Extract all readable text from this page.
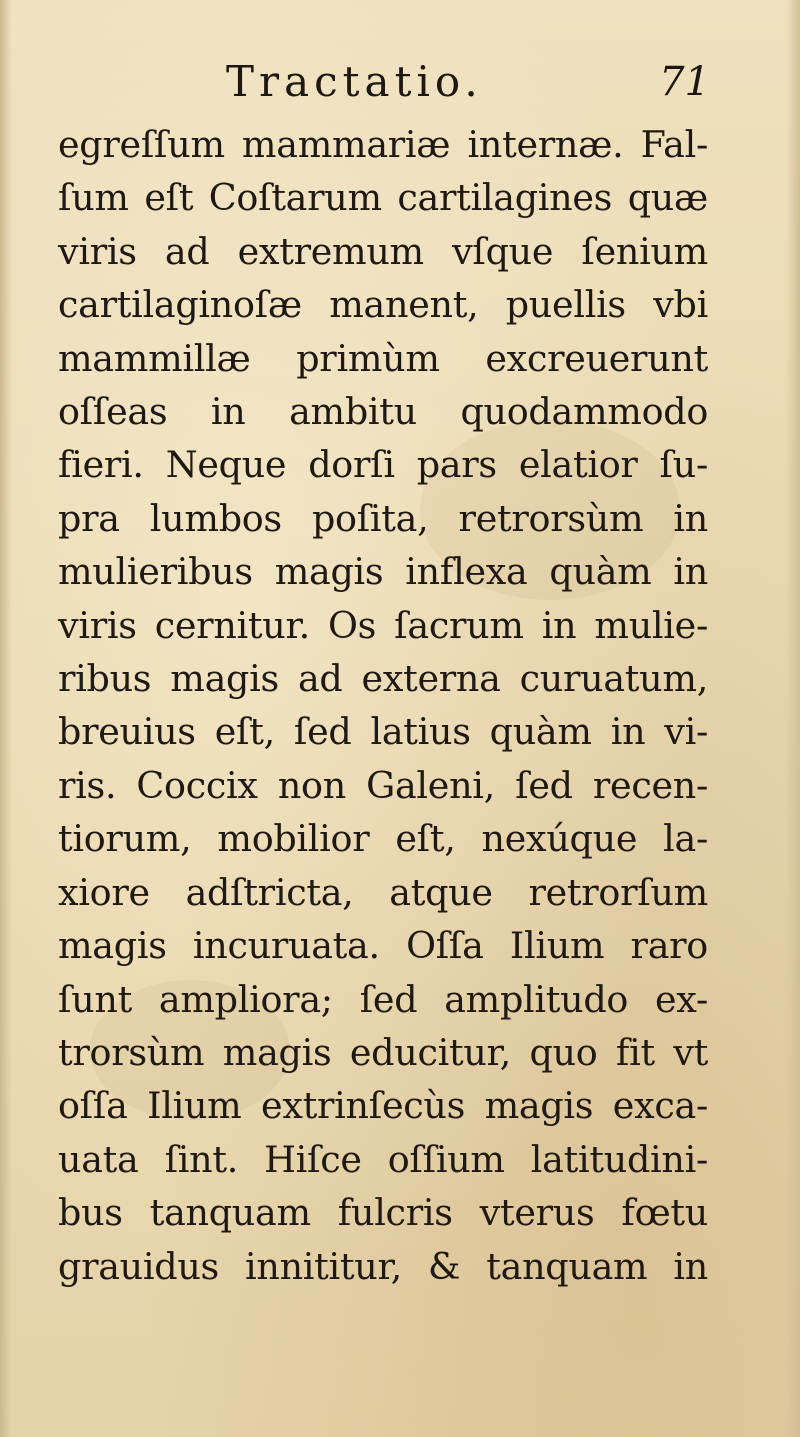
Tractatio.	71
egreſſum mammariæ internæ. Fal-
ſum eſt Coſtarum cartilagines quæ
viris ad extremum vſque ſenium
cartilaginoſæ manent, puellis vbi
mammillæ primùm excreuerunt
oſſeas in ambitu quodammodo
fieri. Neque dorſi pars elatior ſu-
pra lumbos poſita, retrorsùm in
mulieribus magis inflexa quàm in
viris cernitur. Os ſacrum in mulie-
ribus magis ad externa curuatum,
breuius eſt, ſed latius quàm in vi-
ris. Coccix non Galeni, ſed recen-
tiorum, mobilior eſt, nexúque la-
xiore adſtricta, atque retrorſum
magis incuruata. Oſſa Ilium raro
ſunt ampliora; ſed amplitudo ex-
trorsùm magis educitur, quo fit vt
oſſa Ilium extrinſecùs magis exca-
uata ſint. Hiſce oſſium latitudini-
bus tanquam fulcris vterus fœtu
grauidus innititur, & tanquam in
